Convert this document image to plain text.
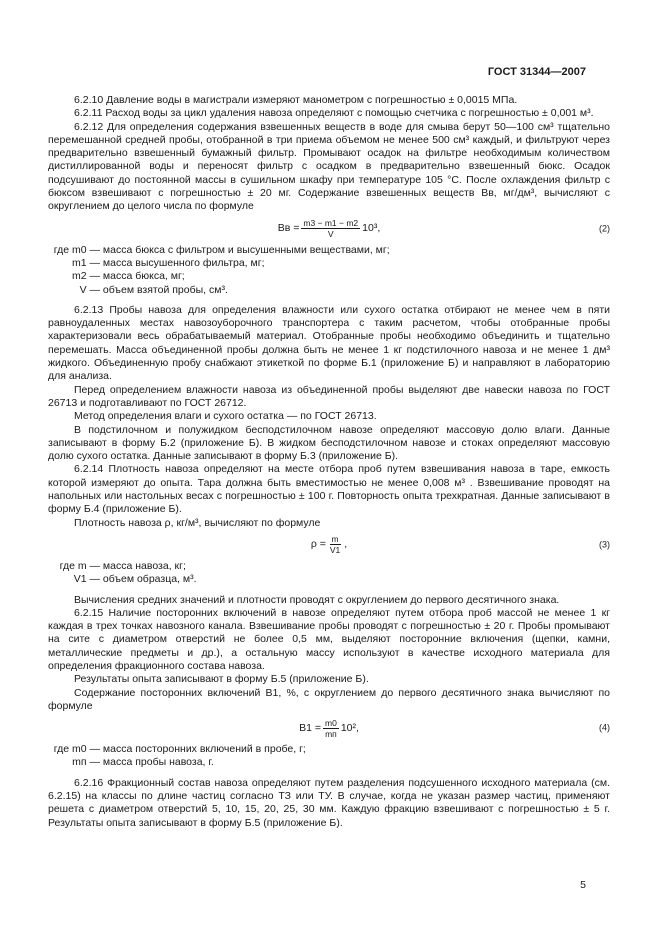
ГОСТ 31344—2007

6.2.10 Давление воды в магистрали измеряют манометром с погрешностью ± 0,0015 МПа.

6.2.11 Расход воды за цикл удаления навоза определяют с помощью счетчика с погрешностью ± 0,001 м³.

6.2.12 Для определения содержания взвешенных веществ в воде для смыва берут 50—100 см³ тщательно перемешанной средней пробы, отобранной в три приема объемом не менее 500 см³ каждый, и фильтруют через предварительно взвешенный бумажный фильтр. Промывают осадок на фильтре необходимым количеством дистиллированной воды и переносят фильтр с осадком в предварительно взвешенный бюкс. Осадок подсушивают до постоянной массы в сушильном шкафу при температуре 105 °С. После охлаждения фильтр с бюксом взвешивают с погрешностью ± 20 мг. Содержание взвешенных веществ Bв, мг/дм³, вычисляют с округлением до целого числа по формуле

Bв = $\frac{m3 - m1 - m2}{V} 10^3$,	(2)
где m0 —
масса бюкса с фильтром и высушенными веществами, мг;
m1 —
масса высушенного фильтра, мг;
m2 —
масса бюкса, мг;
V —
объем взятой пробы, см³.

6.2.13 Пробы навоза для определения влажности или сухого остатка отбирают не менее чем в пяти равноудаленных местах навозоуборочного транспортера с таким расчетом, чтобы отобранные пробы характеризовали весь обрабатываемый материал. Отобранные пробы необходимо объединить и тщательно перемешать. Масса объединенной пробы должна быть не менее 1 кг подстилочного навоза и не менее 1 дм³ жидкого. Объединенную пробу снабжают этикеткой по форме Б.1 (приложение Б) и направляют в лабораторию для анализа.

Перед определением влажности навоза из объединенной пробы выделяют две навески навоза по ГОСТ 26713 и подготавливают по ГОСТ 26712.

Метод определения влаги и сухого остатка — по ГОСТ 26713.

В подстилочном и полужидком бесподстилочном навозе определяют массовую долю влаги. Данные записывают в форму Б.2 (приложение Б). В жидком бесподстилочном навозе и стоках определяют массовую долю сухого остатка. Данные записывают в форму Б.3 (приложение Б).

6.2.14 Плотность навоза определяют на месте отбора проб путем взвешивания навоза в таре, емкость которой измеряют до опыта. Тара должна быть вместимостью не менее 0,008 м³ . Взвешивание проводят на напольных или настольных весах с погрешностью ± 100 г. Повторность опыта трехкратная. Данные записывают в форму Б.4 (приложение Б).

Плотность навоза ρ, кг/м³, вычисляют по формуле

$\rho = \frac{m}{V1}$ ,	(3)
где m —
масса навоза, кг;
V1 —
объем образца, м³.

Вычисления средних значений и плотности проводят с округлением до первого десятичного знака.

6.2.15 Наличие посторонних включений в навозе определяют путем отбора проб массой не менее 1 кг каждая в трех точках навозного канала. Взвешивание пробы проводят с погрешностью ± 20 г. Пробы промывают на сите с диаметром отверстий не более 0,5 мм, выделяют посторонние включения (щепки, камни, металлические предметы и др.), а остальную массу используют в качестве исходного материала для определения фракционного состава навоза.

Результаты опыта записывают в форму Б.5 (приложение Б).

Содержание посторонних включений B1, %, с округлением до первого десятичного знака вычисляют по формуле

$B1 = \frac{m0}{mп} 10^2$,	(4)
где m0 —
масса посторонних включений в пробе, г;
mп —
масса пробы навоза, г.

6.2.16 Фракционный состав навоза определяют путем разделения подсушенного исходного материала (см. 6.2.15) на классы по длине частиц согласно ТЗ или ТУ. В случае, когда не указан размер частиц, применяют решета с диаметром отверстий 5, 10, 15, 20, 25, 30 мм. Каждую фракцию взвешивают с погрешностью ± 5 г. Результаты опыта записывают в форму Б.5 (приложение Б).

5
